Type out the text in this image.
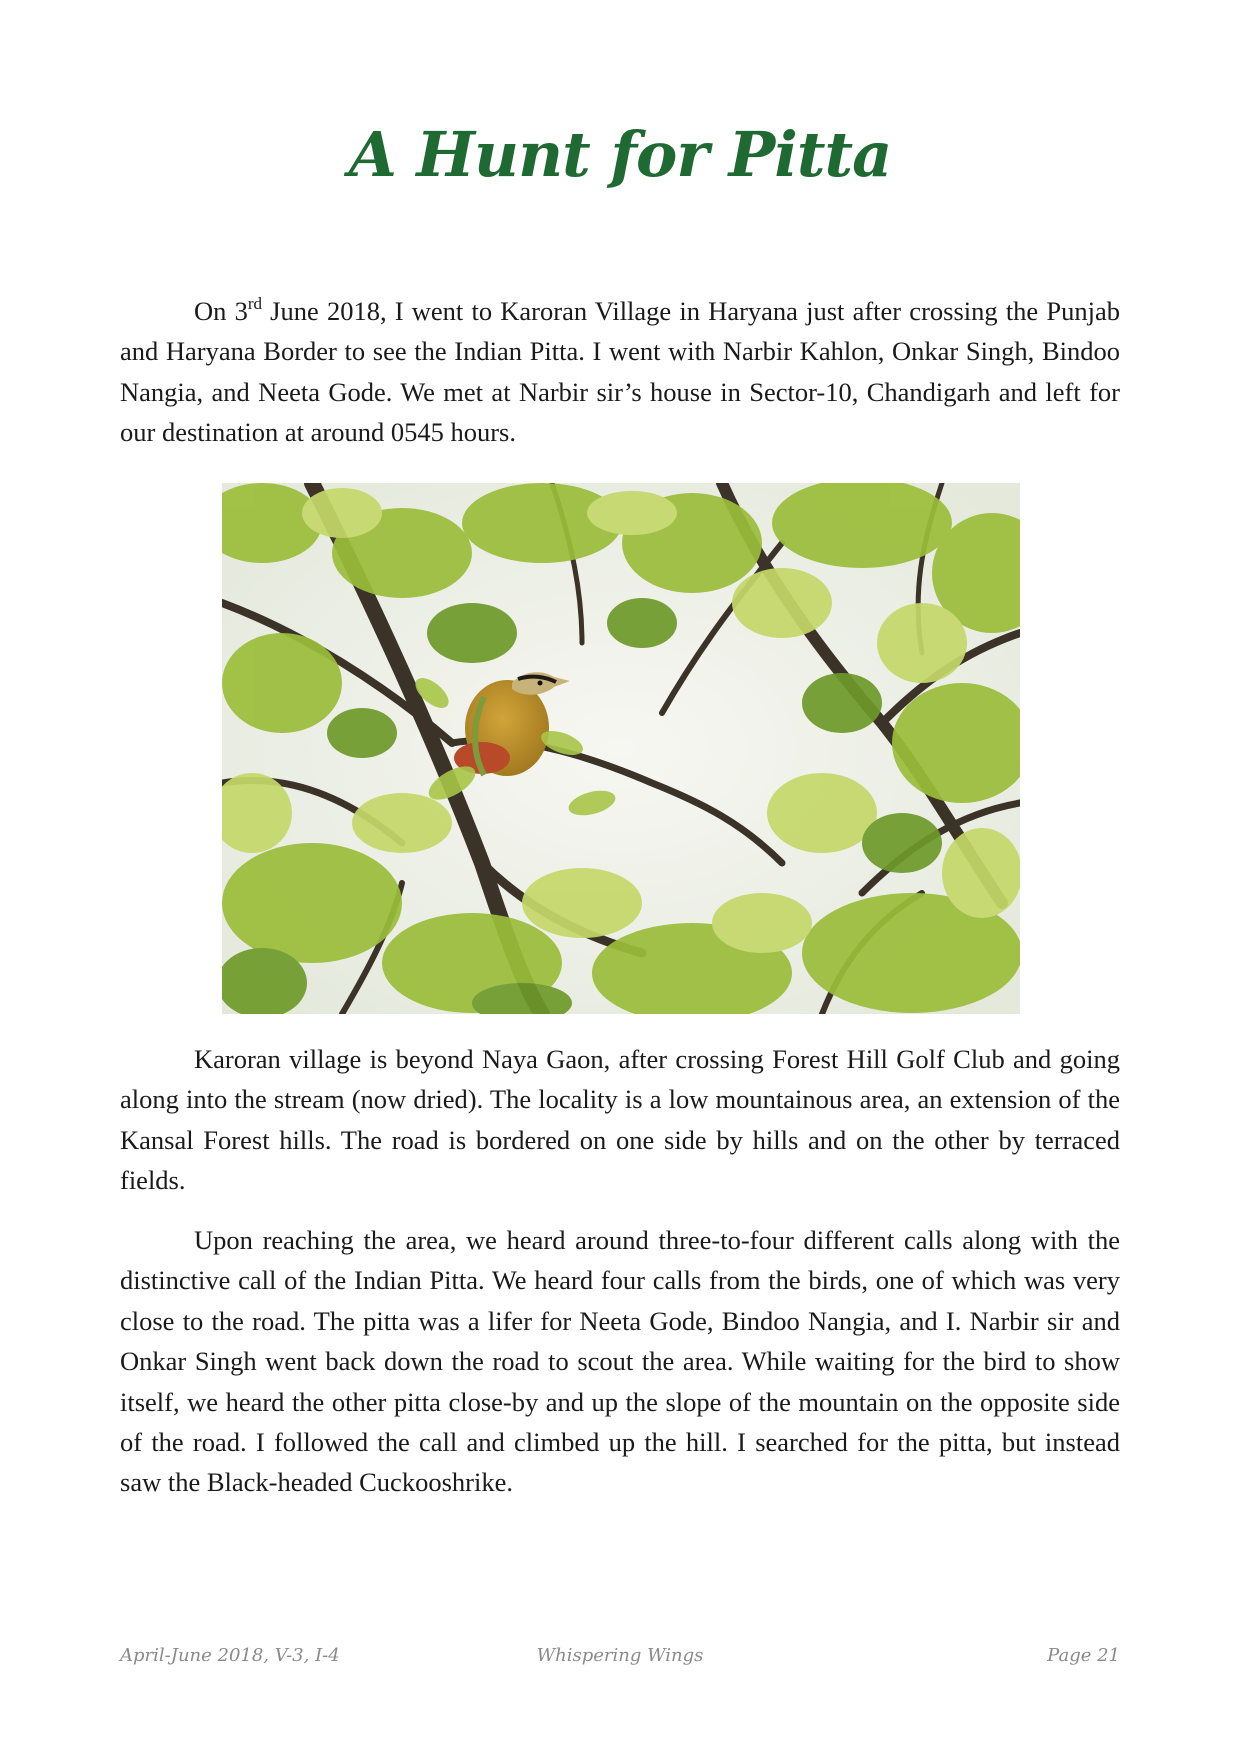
A Hunt for Pitta

On 3rd June 2018, I went to Karoran Village in Haryana just after crossing the Punjab and Haryana Border to see the Indian Pitta. I went with Narbir Kahlon, Onkar Singh, Bindoo Nangia, and Neeta Gode. We met at Narbir sir’s house in Sector-10, Chandigarh and left for our destination at around 0545 hours.

Karoran village is beyond Naya Gaon, after crossing Forest Hill Golf Club and going along into the stream (now dried). The locality is a low mountainous area, an extension of the Kansal Forest hills. The road is bordered on one side by hills and on the other by terraced fields.

Upon reaching the area, we heard around three-to-four different calls along with the distinctive call of the Indian Pitta. We heard four calls from the birds, one of which was very close to the road. The pitta was a lifer for Neeta Gode, Bindoo Nangia, and I. Narbir sir and Onkar Singh went back down the road to scout the area. While waiting for the bird to show itself, we heard the other pitta close-by and up the slope of the mountain on the opposite side of the road. I followed the call and climbed up the hill. I searched for the pitta, but instead saw the Black-headed Cuckooshrike.

April-June 2018, V-3, I-4	Whispering Wings	Page 21
